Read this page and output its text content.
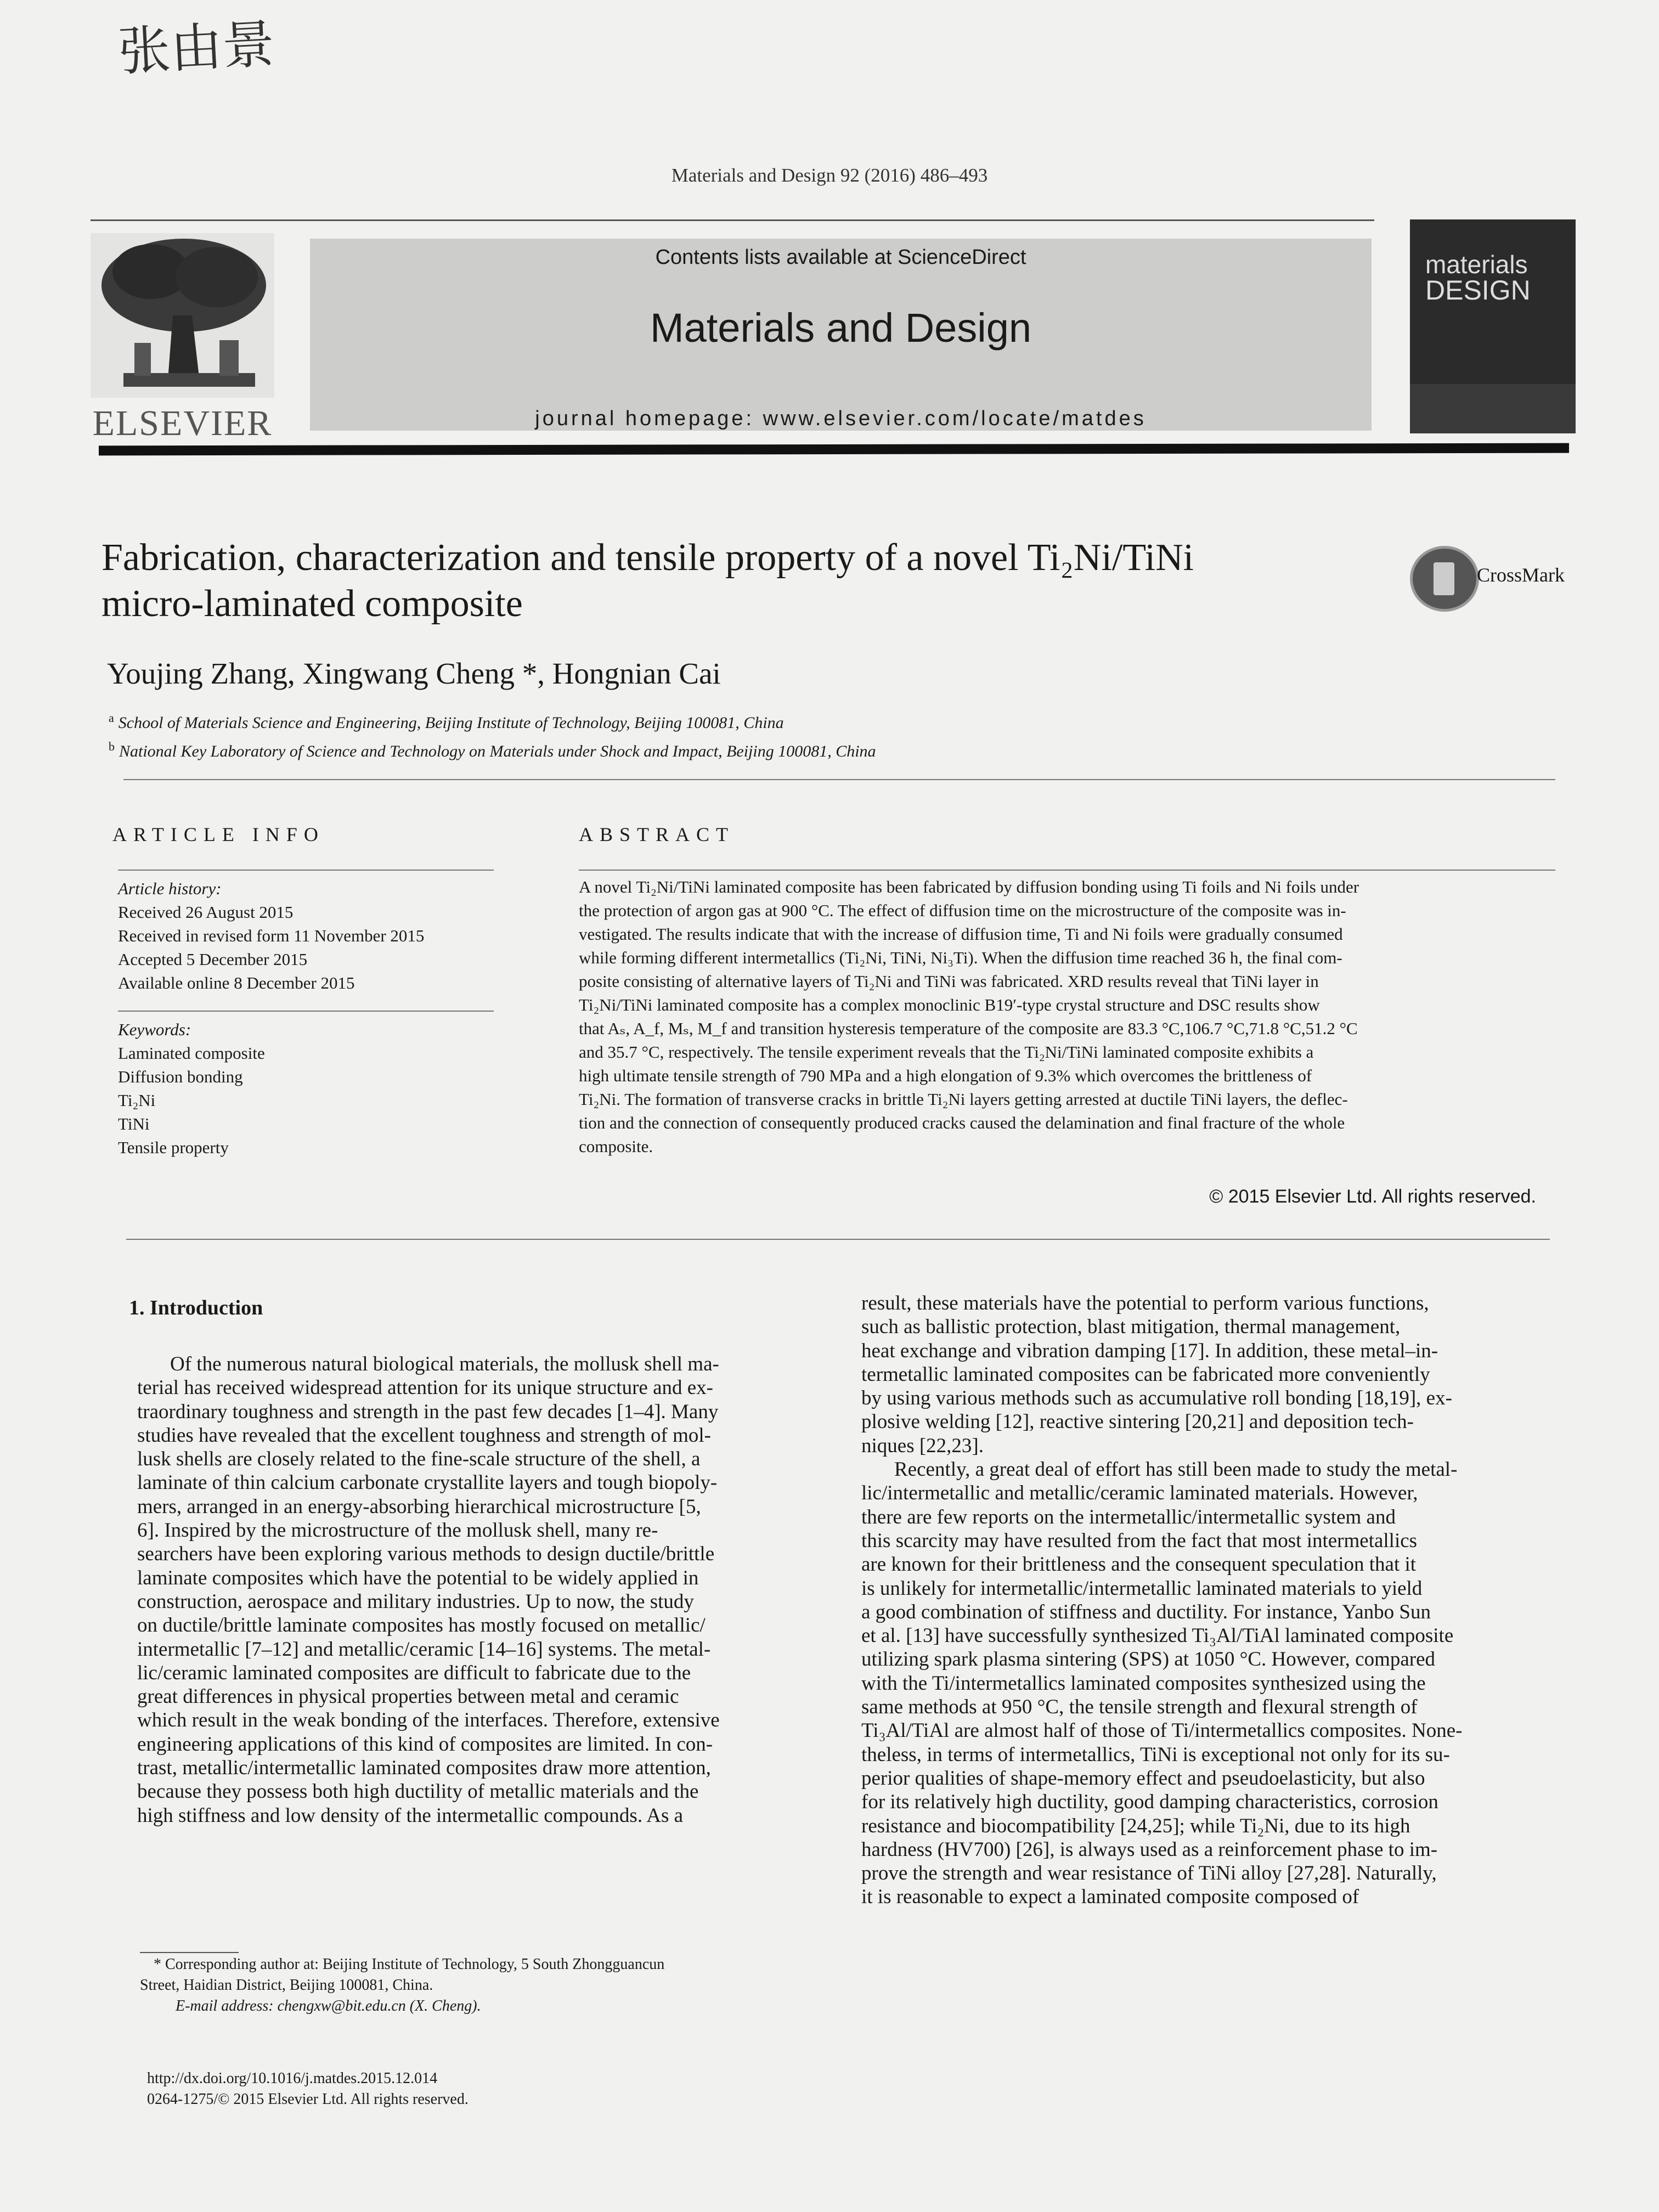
张由景
Materials and Design 92 (2016) 486–493
ELSEVIER
Contents lists available at ScienceDirect
Materials and Design
journal homepage: www.elsevier.com/locate/matdes
materials
DESIGN
Fabrication, characterization and tensile property of a novel Ti₂Ni/TiNi
micro-laminated composite
CrossMark
Youjing Zhang, Xingwang Cheng *, Hongnian Cai
$^a$ School of Materials Science and Engineering, Beijing Institute of Technology, Beijing 100081, China
$^b$ National Key Laboratory of Science and Technology on Materials under Shock and Impact, Beijing 100081, China
ARTICLE INFO
Article history:
Received 26 August 2015
Received in revised form 11 November 2015
Accepted 5 December 2015
Available online 8 December 2015
Keywords:
Laminated composite
Diffusion bonding
Ti₂Ni
TiNi
Tensile property
ABSTRACT
A novel Ti₂Ni/TiNi laminated composite has been fabricated by diffusion bonding using Ti foils and Ni foils under
the protection of argon gas at 900 °C. The effect of diffusion time on the microstructure of the composite was in-
vestigated. The results indicate that with the increase of diffusion time, Ti and Ni foils were gradually consumed
while forming different intermetallics (Ti₂Ni, TiNi, Ni₃Ti). When the diffusion time reached 36 h, the final com-
posite consisting of alternative layers of Ti₂Ni and TiNi was fabricated. XRD results reveal that TiNi layer in
Ti₂Ni/TiNi laminated composite has a complex monoclinic B19′-type crystal structure and DSC results show
that Aₛ, A_f, Mₛ, M_f and transition hysteresis temperature of the composite are 83.3 °C,106.7 °C,71.8 °C,51.2 °C
and 35.7 °C, respectively. The tensile experiment reveals that the Ti₂Ni/TiNi laminated composite exhibits a
high ultimate tensile strength of 790 MPa and a high elongation of 9.3% which overcomes the brittleness of
Ti₂Ni. The formation of transverse cracks in brittle Ti₂Ni layers getting arrested at ductile TiNi layers, the deflec-
tion and the connection of consequently produced cracks caused the delamination and final fracture of the whole
composite.
© 2015 Elsevier Ltd. All rights reserved.
1. Introduction

Of the numerous natural biological materials, the mollusk shell ma-

terial has received widespread attention for its unique structure and ex-

traordinary toughness and strength in the past few decades [1–4]. Many

studies have revealed that the excellent toughness and strength of mol-

lusk shells are closely related to the fine-scale structure of the shell, a

laminate of thin calcium carbonate crystallite layers and tough biopoly-

mers, arranged in an energy-absorbing hierarchical microstructure [5,

6]. Inspired by the microstructure of the mollusk shell, many re-

searchers have been exploring various methods to design ductile/brittle

laminate composites which have the potential to be widely applied in

construction, aerospace and military industries. Up to now, the study

on ductile/brittle laminate composites has mostly focused on metallic/

intermetallic [7–12] and metallic/ceramic [14–16] systems. The metal-

lic/ceramic laminated composites are difficult to fabricate due to the

great differences in physical properties between metal and ceramic

which result in the weak bonding of the interfaces. Therefore, extensive

engineering applications of this kind of composites are limited. In con-

trast, metallic/intermetallic laminated composites draw more attention,

because they possess both high ductility of metallic materials and the

high stiffness and low density of the intermetallic compounds. As a

result, these materials have the potential to perform various functions,

such as ballistic protection, blast mitigation, thermal management,

heat exchange and vibration damping [17]. In addition, these metal–in-

termetallic laminated composites can be fabricated more conveniently

by using various methods such as accumulative roll bonding [18,19], ex-

plosive welding [12], reactive sintering [20,21] and deposition tech-

niques [22,23].

Recently, a great deal of effort has still been made to study the metal-

lic/intermetallic and metallic/ceramic laminated materials. However,

there are few reports on the intermetallic/intermetallic system and

this scarcity may have resulted from the fact that most intermetallics

are known for their brittleness and the consequent speculation that it

is unlikely for intermetallic/intermetallic laminated materials to yield

a good combination of stiffness and ductility. For instance, Yanbo Sun

et al. [13] have successfully synthesized Ti₃Al/TiAl laminated composite

utilizing spark plasma sintering (SPS) at 1050 °C. However, compared

with the Ti/intermetallics laminated composites synthesized using the

same methods at 950 °C, the tensile strength and flexural strength of

Ti₃Al/TiAl are almost half of those of Ti/intermetallics composites. None-

theless, in terms of intermetallics, TiNi is exceptional not only for its su-

perior qualities of shape-memory effect and pseudoelasticity, but also

for its relatively high ductility, good damping characteristics, corrosion

resistance and biocompatibility [24,25]; while Ti₂Ni, due to its high

hardness (HV700) [26], is always used as a reinforcement phase to im-

prove the strength and wear resistance of TiNi alloy [27,28]. Naturally,

it is reasonable to expect a laminated composite composed of

* Corresponding author at: Beijing Institute of Technology, 5 South Zhongguancun
Street, Haidian District, Beijing 100081, China.
E-mail address: chengxw@bit.edu.cn (X. Cheng).
http://dx.doi.org/10.1016/j.matdes.2015.12.014
0264-1275/© 2015 Elsevier Ltd. All rights reserved.
